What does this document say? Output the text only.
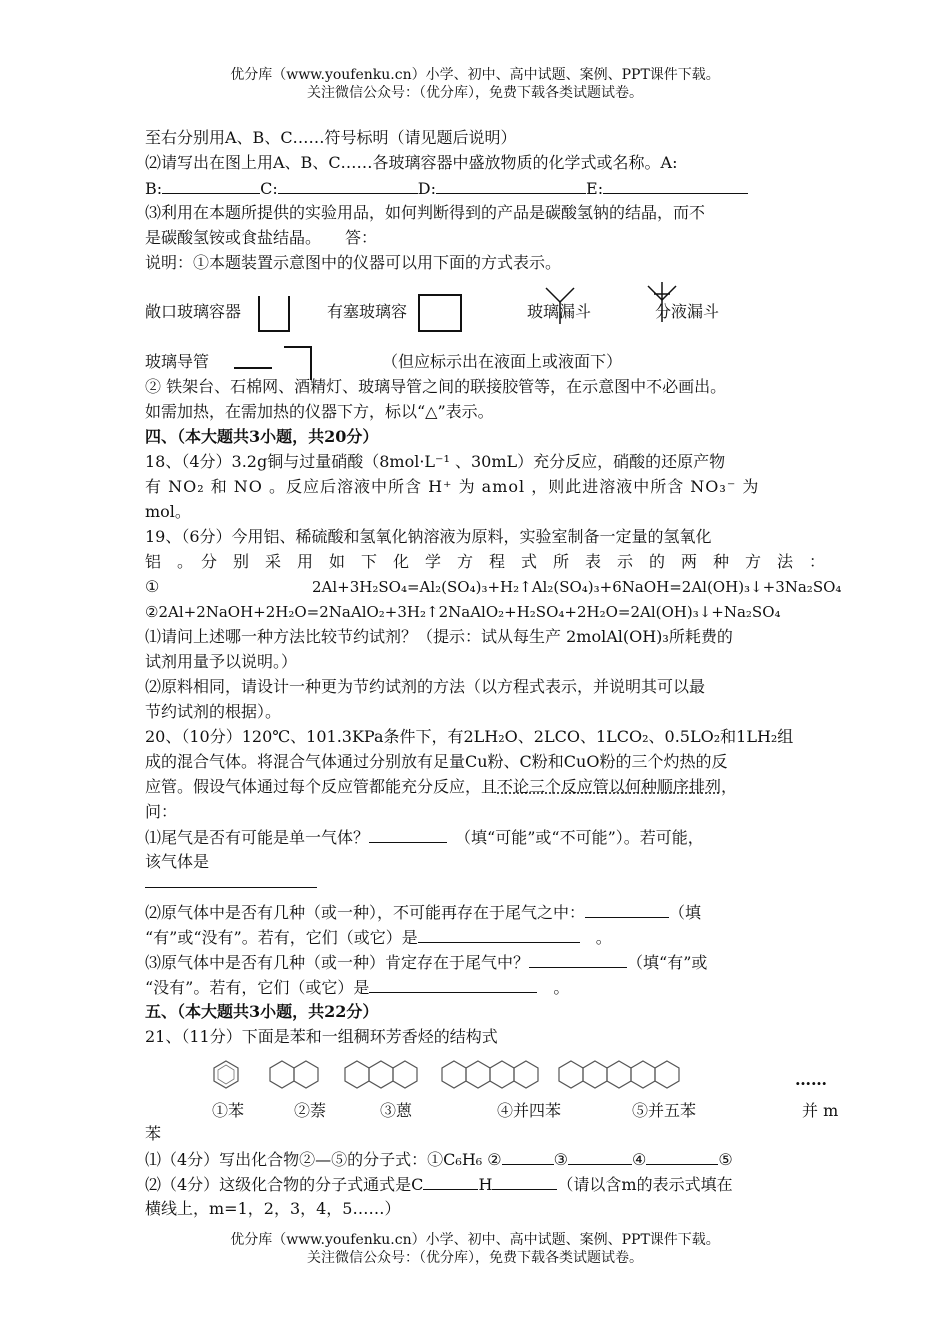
优分库（www.youfenku.cn）小学、初中、高中试题、案例、PPT课件下载。
关注微信公众号：（优分库），免费下载各类试题试卷。
至右分别用A、B、C……符号标明（请见题后说明）
⑵请写出在图上用A、B、C……各玻璃容器中盛放物质的化学式或名称。A:
B:	C:	D:	E:
⑶利用在本题所提供的实验用品，如何判断得到的产品是碳酸氢钠的结晶，而不
是碳酸氢铵或食盐结晶。　　答：
说明：①本题装置示意图中的仪器可以用下面的方式表示。
敞口玻璃容器	有塞玻璃容	玻璃漏斗	分液漏斗
玻璃导管	（但应标示出在液面上或液面下）
② 铁架台、石棉网、酒精灯、玻璃导管之间的联接胶管等，在示意图中不必画出。
如需加热，在需加热的仪器下方，标以“△”表示。
四、（本大题共3小题，共20分）
18、（4分）3.2g铜与过量硝酸（8mol·L⁻¹ 、30mL）充分反应，硝酸的还原产物
有 NO₂ 和 NO 。反应后溶液中所含 H⁺ 为 amol ，则此进溶液中所含 NO₃⁻ 为
mol。
19、（6分）今用铝、稀硫酸和氢氧化钠溶液为原料，实验室制备一定量的氢氧化
铝　。　分　别　采　用　如　下　化　学　方　程　式　所　表　示　的　两　种　方　法　：
①	2Al+3H₂SO₄=Al₂(SO₄)₃+H₂↑Al₂(SO₄)₃+6NaOH=2Al(OH)₃↓+3Na₂SO₄
②2Al+2NaOH+2H₂O=2NaAlO₂+3H₂↑2NaAlO₂+H₂SO₄+2H₂O=2Al(OH)₃↓+Na₂SO₄
⑴请问上述哪一种方法比较节约试剂？（提示：试从每生产 2molAl(OH)₃所耗费的
试剂用量予以说明。）
⑵原料相同，请设计一种更为节约试剂的方法（以方程式表示，并说明其可以最
节约试剂的根据）。
20、（10分）120℃、101.3KPa条件下，有2LH₂O、2LCO、1LCO₂、0.5LO₂和1LH₂组
成的混合气体。将混合气体通过分别放有足量Cu粉、C粉和CuO粉的三个灼热的反
应管。假设气体通过每个反应管都能充分反应，且不论三个反应管以何种顺序排列，
问：
⑴尾气是否有可能是单一气体？　	（填“可能”或“不可能”）。若可能，
该气体是
⑵原气体中是否有几种（或一种），不可能再存在于尾气之中：	（填
“有”或“没有”。若有，它们（或它）是　	。
⑶原气体中是否有几种（或一种）肯定存在于尾气中？	（填“有”或
“没有”。若有，它们（或它）是　	。
五、（本大题共3小题，共22分）
21、（11分）下面是苯和一组稠环芳香烃的结构式
……
①苯	②萘	③蒽	④并四苯	⑤并五苯	并 m
苯
⑴（4分）写出化合物②—⑤的分子式：①C₆H₆ ②	③	④	⑤
⑵（4分）这级化合物的分子式通式是C	H	（请以含m的表示式填在
横线上，m=1，2，3，4，5……）
优分库（www.youfenku.cn）小学、初中、高中试题、案例、PPT课件下载。
关注微信公众号：（优分库），免费下载各类试题试卷。
